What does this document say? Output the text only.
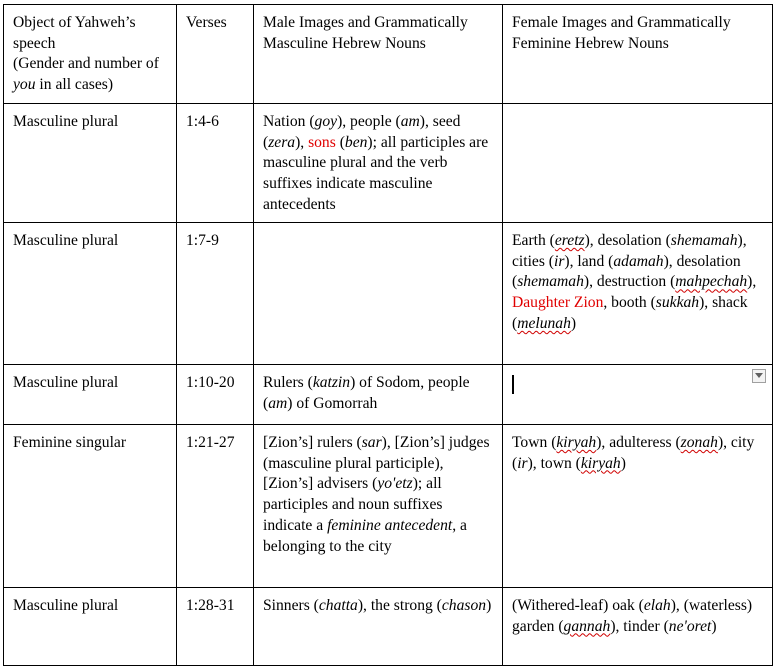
Object of Yahweh’s speech
(Gender and number of you in all cases)	Verses	Male Images and Grammatically Masculine Hebrew Nouns	Female Images and Grammatically Feminine Hebrew Nouns
Masculine plural	1:4-6	Nation (goy), people (am), seed (zera), sons (ben); all participles are masculine plural and the verb suffixes indicate masculine antecedents	
Masculine plural	1:7-9		Earth (eretz), desolation (shemamah), cities (ir), land (adamah), desolation (shemamah), destruction (mahpechah), Daughter Zion, booth (sukkah), shack (melunah)
Masculine plural	1:10-20	Rulers (katzin) of Sodom, people (am) of Gomorrah	

Feminine singular	1:21-27	[Zion’s] rulers (sar), [Zion’s] judges (masculine plural participle), [Zion’s] advisers (yo'etz); all participles and noun suffixes indicate a feminine antecedent, a belonging to the city	Town (kiryah), adulteress (zonah), city (ir), town (kiryah)
Masculine plural	1:28-31	Sinners (chatta), the strong (chason)	(Withered-leaf) oak (elah), (waterless) garden (gannah), tinder (ne'oret)
